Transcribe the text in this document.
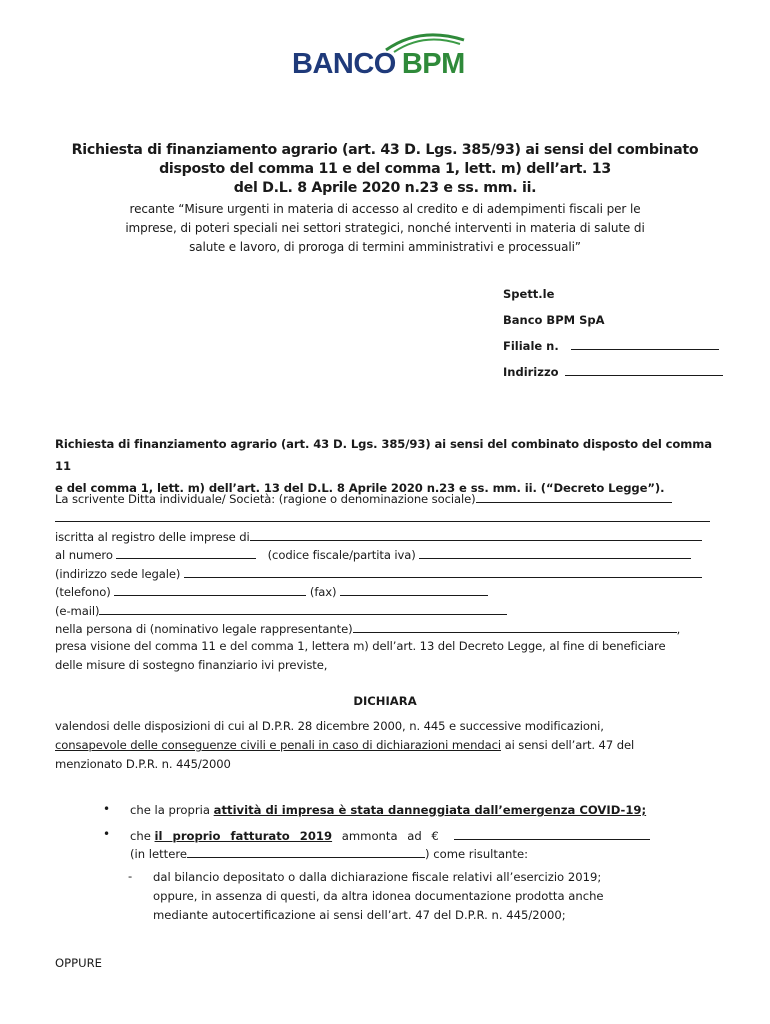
BANCO BPM
Richiesta di finanziamento agrario (art. 43 D. Lgs. 385/93) ai sensi del combinato
disposto del comma 11 e del comma 1, lett. m) dell’art. 13
del D.L. 8 Aprile 2020 n.23 e ss. mm. ii.
recante “Misure urgenti in materia di accesso al credito e di adempimenti fiscali per le
imprese, di poteri speciali nei settori strategici, nonché interventi in materia di salute di
salute e lavoro, di proroga di termini amministrativi e processuali”
Spett.le
Banco BPM SpA
Filiale n.
Indirizzo
Richiesta di finanziamento agrario (art. 43 D. Lgs. 385/93) ai sensi del combinato disposto del comma 11
e del comma 1, lett. m) dell’art. 13 del D.L. 8 Aprile 2020 n.23 e ss. mm. ii. (“Decreto Legge”).
La scrivente Ditta individuale/ Società: (ragione o denominazione sociale)
iscritta al registro delle imprese di
al numero	(codice fiscale/partita iva)
(indirizzo sede legale)
(telefono)	(fax)
(e-mail)
nella persona di (nominativo legale rappresentante)	,
presa visione del comma 11 e del comma 1, lettera m) dell’art. 13 del Decreto Legge, al fine di beneficiare
delle misure di sostegno finanziario ivi previste,
DICHIARA
valendosi delle disposizioni di cui al D.P.R. 28 dicembre 2000, n. 445 e successive modificazioni,
consapevole delle conseguenze civili e penali in caso di dichiarazioni mendaci ai sensi dell’art. 47 del
menzionato D.P.R. n. 445/2000
• che la propria attività di impresa è stata danneggiata dall’emergenza COVID-19;
• che il proprio fatturato 2019 ammonta ad €
(in lettere	) come risultante:
- dal bilancio depositato o dalla dichiarazione fiscale relativi all’esercizio 2019;
oppure, in assenza di questi, da altra idonea documentazione prodotta anche
mediante autocertificazione ai sensi dell’art. 47 del D.P.R. n. 445/2000;
OPPURE
